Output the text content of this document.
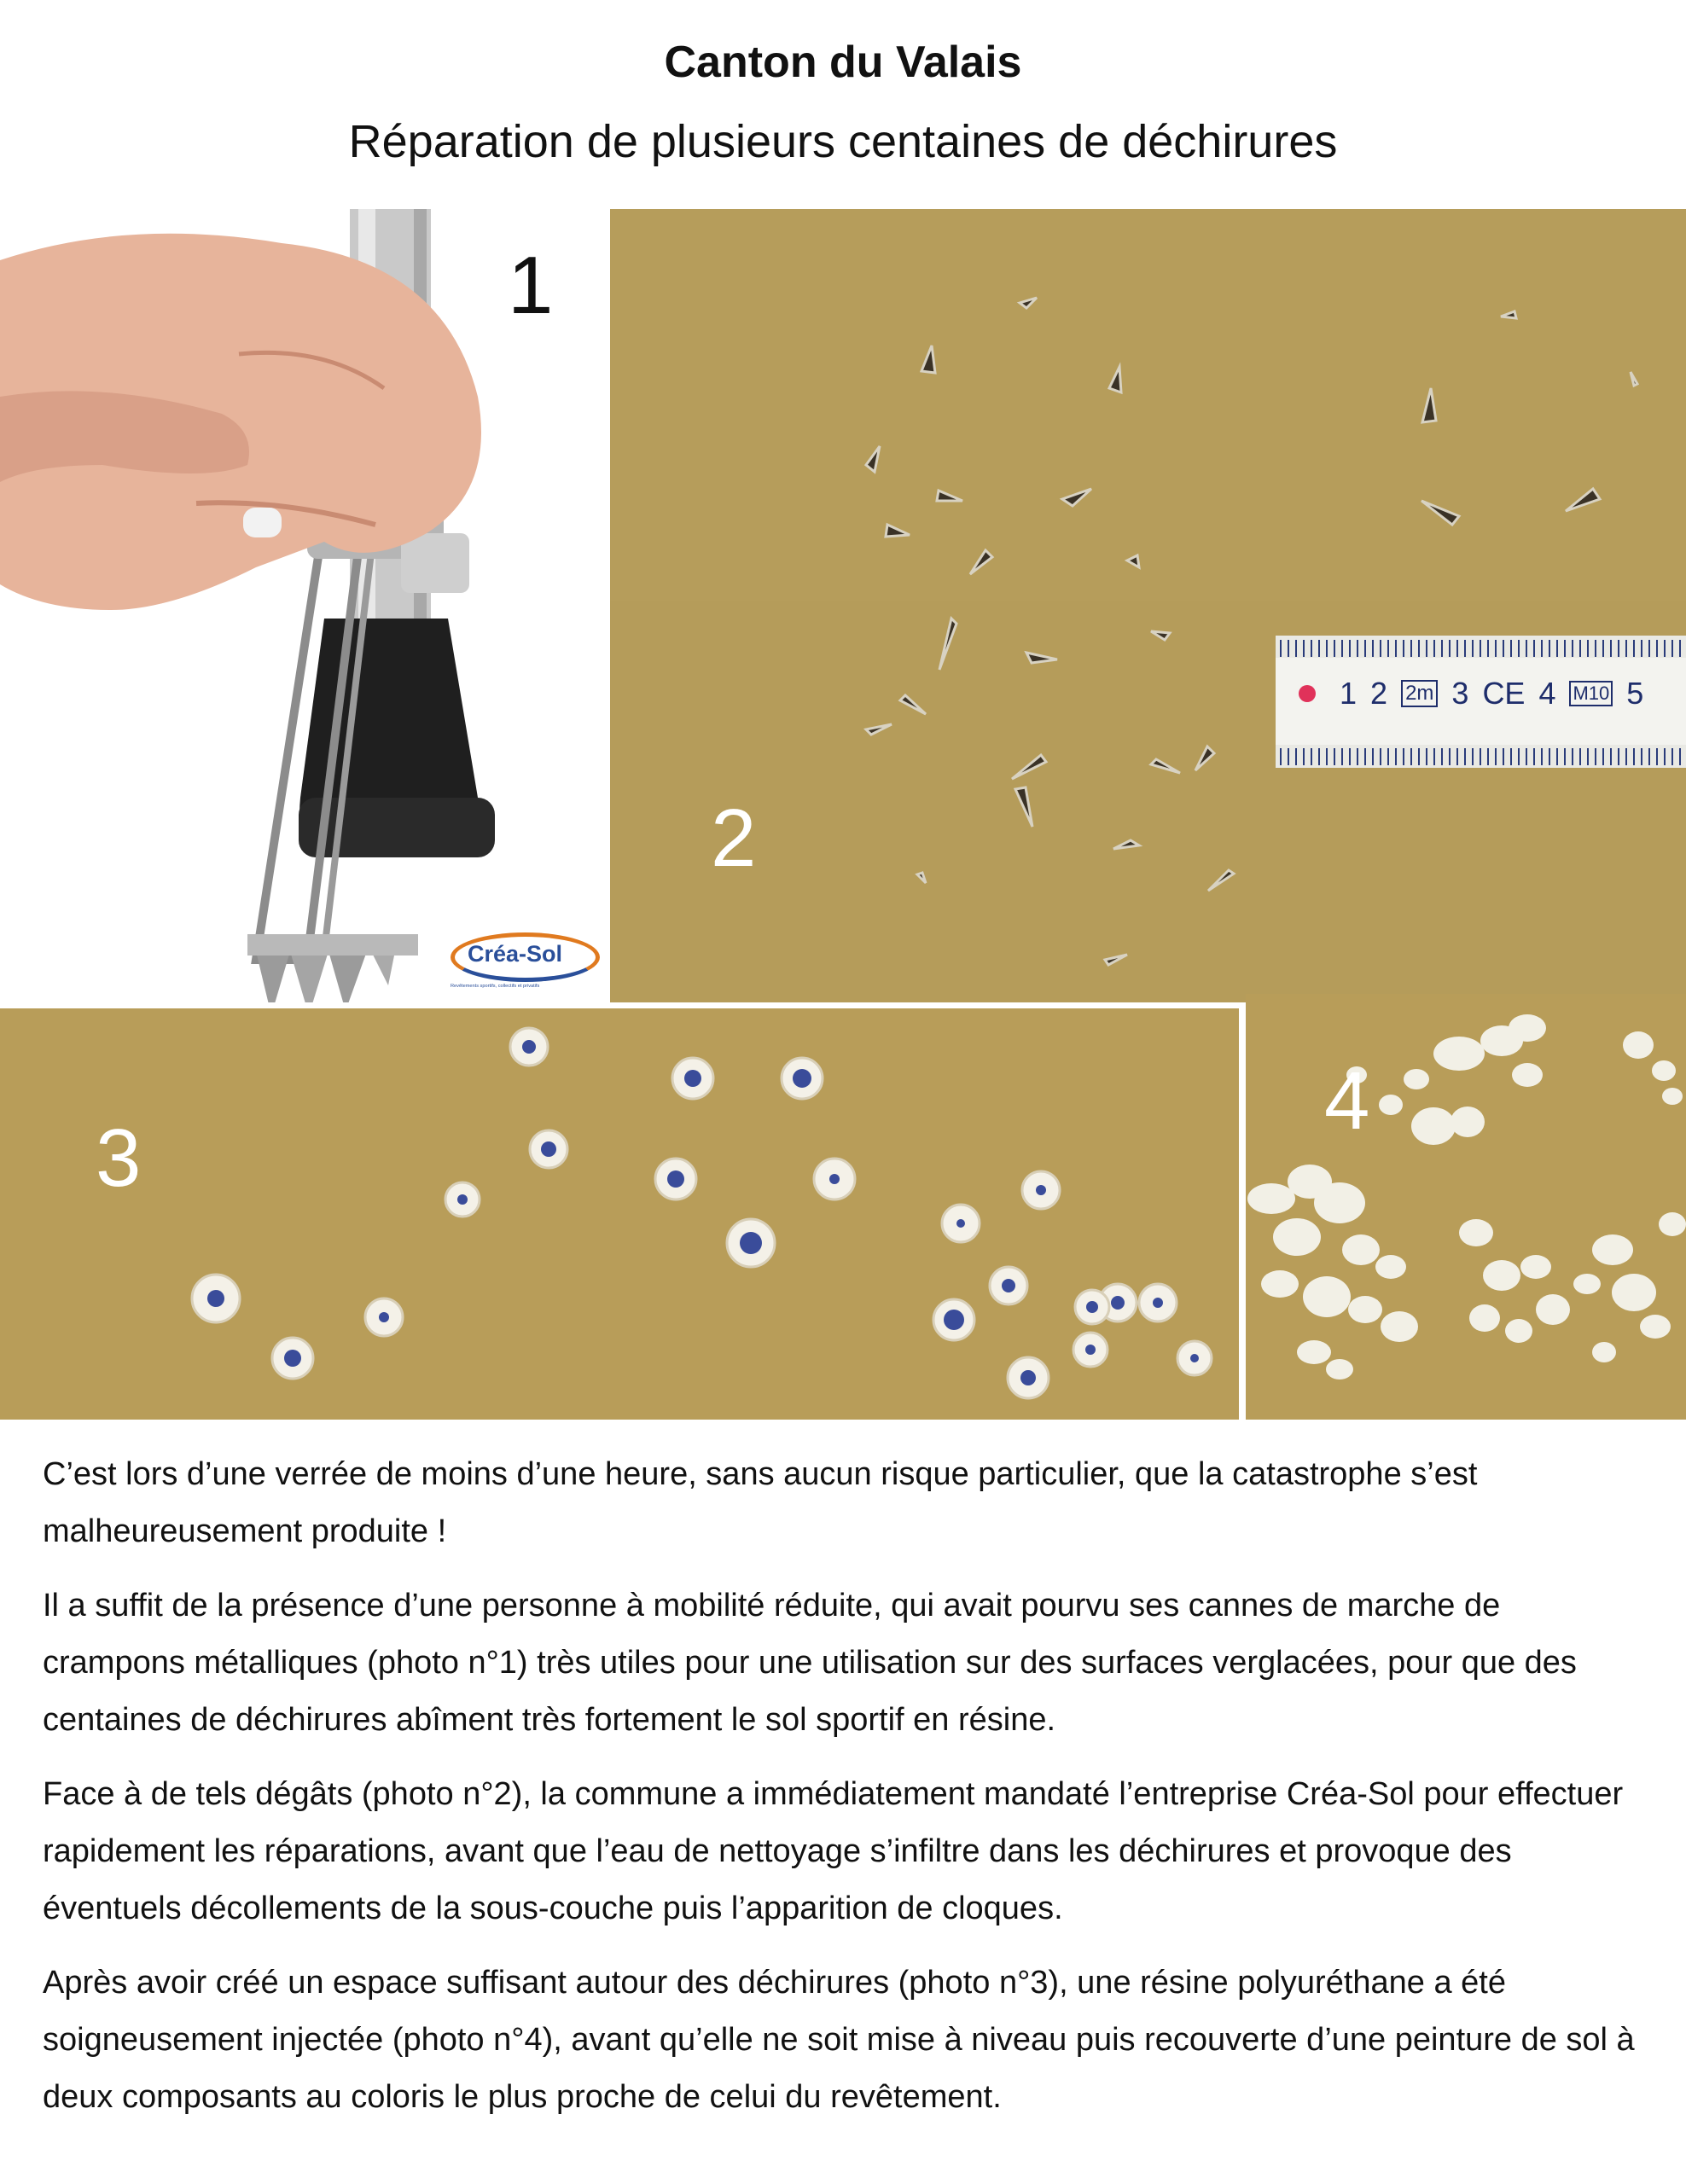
Canton du Valais
Réparation de plusieurs centaines de déchirures
1
Créa-Sol
Revêtements sportifs, collectifs et privatifs
1 2 2m 3 CE 4 M10 5
2
3
4

C’est lors d’une verrée de moins d’une heure, sans aucun risque particulier, que la catastrophe s’est malheureusement produite !

Il a suffit de la présence d’une personne à mobilité réduite, qui avait pourvu ses cannes de marche de crampons métalliques (photo n°1) très utiles pour une utilisation sur des surfaces verglacées, pour que des centaines de déchirures abîment très fortement le sol sportif en résine.

Face à de tels dégâts (photo n°2), la commune a immédiatement mandaté l’entreprise Créa-Sol pour effectuer rapidement les réparations, avant que l’eau de nettoyage s’infiltre dans les déchirures et provoque des éventuels décollements de la sous-couche puis l’apparition de cloques.

Après avoir créé un espace suffisant autour des déchirures (photo n°3), une résine polyuréthane a été soigneusement injectée (photo n°4), avant qu’elle ne soit mise à niveau puis recouverte d’une peinture de sol à deux composants au coloris le plus proche de celui du revêtement.
